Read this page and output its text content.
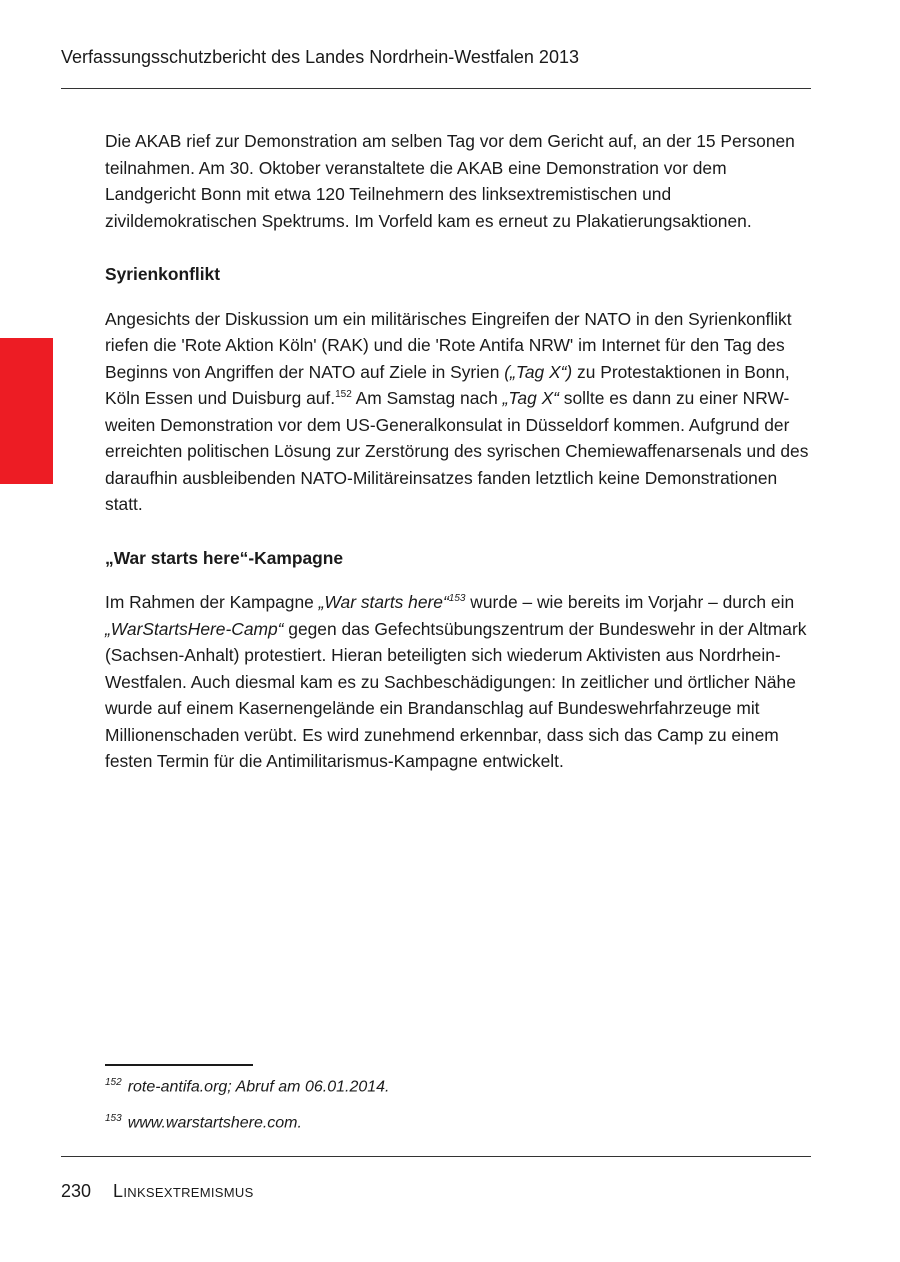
Verfassungsschutzbericht des Landes Nordrhein-Westfalen 2013

Die AKAB rief zur Demonstration am selben Tag vor dem Gericht auf, an der 15 Personen teilnahmen. Am 30. Oktober veranstaltete die AKAB eine Demonstration vor dem Landgericht Bonn mit etwa 120 Teilnehmern des linksextremistischen und zivildemokratischen Spektrums. Im Vorfeld kam es erneut zu Plakatierungsaktionen.

Syrienkonflikt

Angesichts der Diskussion um ein militärisches Eingreifen der NATO in den Syrienkonflikt riefen die 'Rote Aktion Köln' (RAK) und die 'Rote Antifa NRW' im Internet für den Tag des Beginns von Angriffen der NATO auf Ziele in Syrien („Tag X“) zu Protestaktionen in Bonn, Köln Essen und Duisburg auf.$^{152}$ Am Samstag nach „Tag X“ sollte es dann zu einer NRW-weiten Demonstration vor dem US-Generalkonsulat in Düsseldorf kommen. Aufgrund der erreichten politischen Lösung zur Zerstörung des syrischen Chemiewaffenarsenals und des daraufhin ausbleibenden NATO-Militäreinsatzes fanden letztlich keine Demonstrationen statt.

„War starts here“-Kampagne

Im Rahmen der Kampagne „War starts here“$^{153}$ wurde – wie bereits im Vorjahr – durch ein „WarStartsHere-Camp“ gegen das Gefechtsübungszentrum der Bundeswehr in der Altmark (Sachsen-Anhalt) protestiert. Hieran beteiligten sich wiederum Aktivisten aus Nordrhein-Westfalen. Auch diesmal kam es zu Sachbeschädigungen: In zeitlicher und örtlicher Nähe wurde auf einem Kasernengelände ein Brandanschlag auf Bundeswehrfahrzeuge mit Millionenschaden verübt. Es wird zunehmend erkennbar, dass sich das Camp zu einem festen Termin für die Antimilitarismus-Kampagne entwickelt.

$^{152}$ rote-antifa.org; Abruf am 06.01.2014.
$^{153}$ www.warstartshere.com.
230 Linksextremismus
